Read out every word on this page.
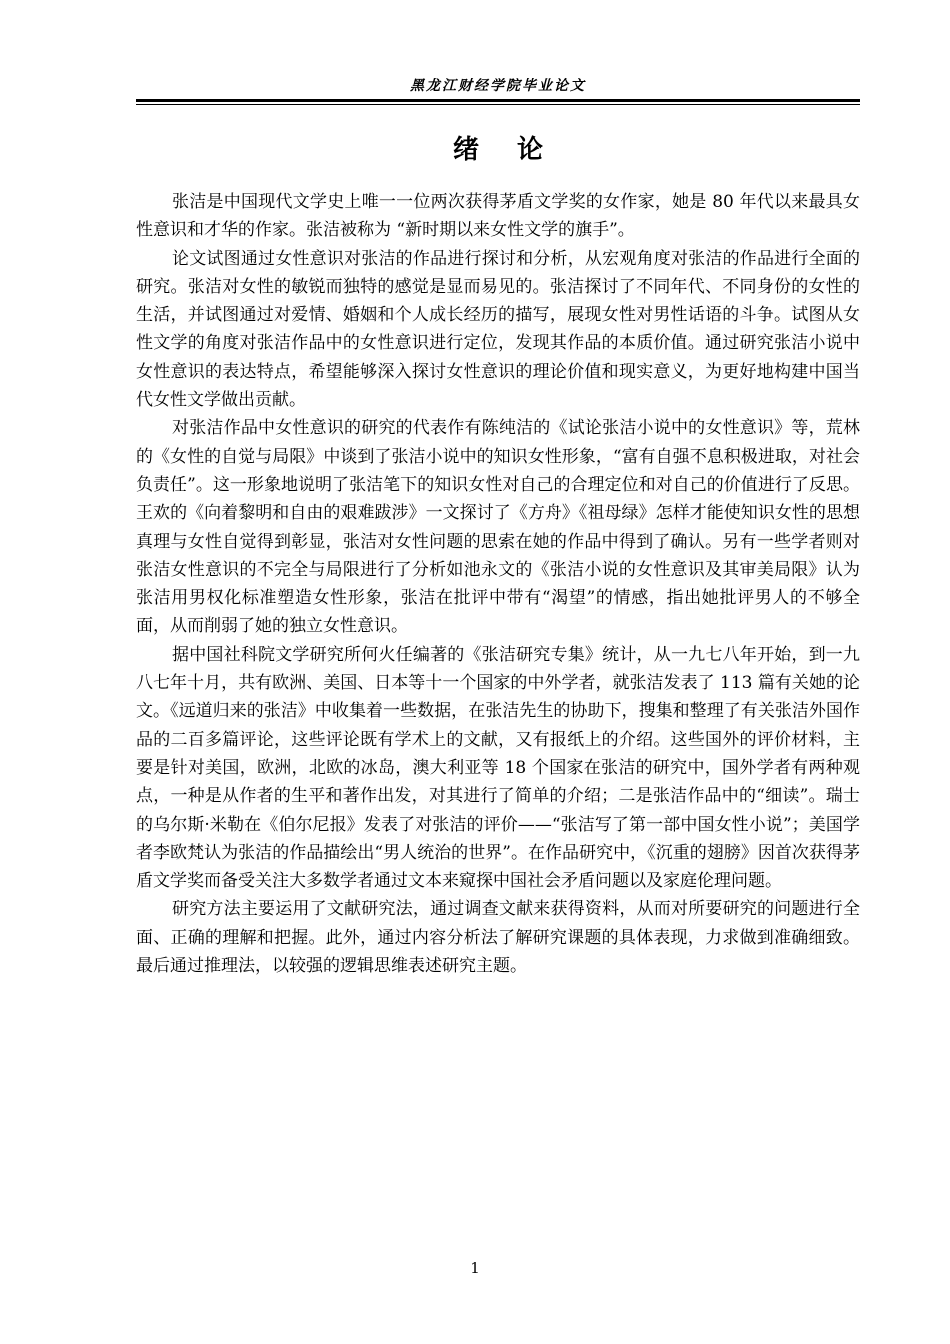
黑龙江财经学院毕业论文
绪论

张洁是中国现代文学史上唯一一位两次获得茅盾文学奖的女作家，她是 80 年代以来最具女性意识和才华的作家。张洁被称为 “新时期以来女性文学的旗手”。

论文试图通过女性意识对张洁的作品进行探讨和分析，从宏观角度对张洁的作品进行全面的研究。张洁对女性的敏锐而独特的感觉是显而易见的。张洁探讨了不同年代、不同身份的女性的生活，并试图通过对爱情、婚姻和个人成长经历的描写，展现女性对男性话语的斗争。试图从女性文学的角度对张洁作品中的女性意识进行定位，发现其作品的本质价值。通过研究张洁小说中女性意识的表达特点，希望能够深入探讨女性意识的理论价值和现实意义，为更好地构建中国当代女性文学做出贡献。

对张洁作品中女性意识的研究的代表作有陈纯洁的《试论张洁小说中的女性意识》等，荒林的《女性的自觉与局限》中谈到了张洁小说中的知识女性形象，“富有自强不息积极进取，对社会负责任”。这一形象地说明了张洁笔下的知识女性对自己的合理定位和对自己的价值进行了反思。王欢的《向着黎明和自由的艰难跋涉》一文探讨了《方舟》《祖母绿》怎样才能使知识女性的思想真理与女性自觉得到彰显，张洁对女性问题的思索在她的作品中得到了确认。另有一些学者则对张洁女性意识的不完全与局限进行了分析如池永文的《张洁小说的女性意识及其审美局限》认为张洁用男权化标准塑造女性形象，张洁在批评中带有“渴望”的情感，指出她批评男人的不够全面，从而削弱了她的独立女性意识。

据中国社科院文学研究所何火任编著的《张洁研究专集》统计，从一九七八年开始，到一九八七年十月，共有欧洲、美国、日本等十一个国家的中外学者，就张洁发表了 113 篇有关她的论文。《远道归来的张洁》中收集着一些数据，在张洁先生的协助下，搜集和整理了有关张洁外国作品的二百多篇评论，这些评论既有学术上的文献，又有报纸上的介绍。这些国外的评价材料，主要是针对美国，欧洲，北欧的冰岛，澳大利亚等 18 个国家在张洁的研究中，国外学者有两种观点，一种是从作者的生平和著作出发，对其进行了简单的介绍；二是张洁作品中的“细读”。瑞士的乌尔斯·米勒在《伯尔尼报》发表了对张洁的评价——“张洁写了第一部中国女性小说”；美国学者李欧梵认为张洁的作品描绘出“男人统治的世界”。在作品研究中，《沉重的翅膀》因首次获得茅盾文学奖而备受关注大多数学者通过文本来窥探中国社会矛盾问题以及家庭伦理问题。

研究方法主要运用了文献研究法，通过调查文献来获得资料，从而对所要研究的问题进行全面、正确的理解和把握。此外，通过内容分析法了解研究课题的具体表现，力求做到准确细致。最后通过推理法，以较强的逻辑思维表述研究主题。

1
